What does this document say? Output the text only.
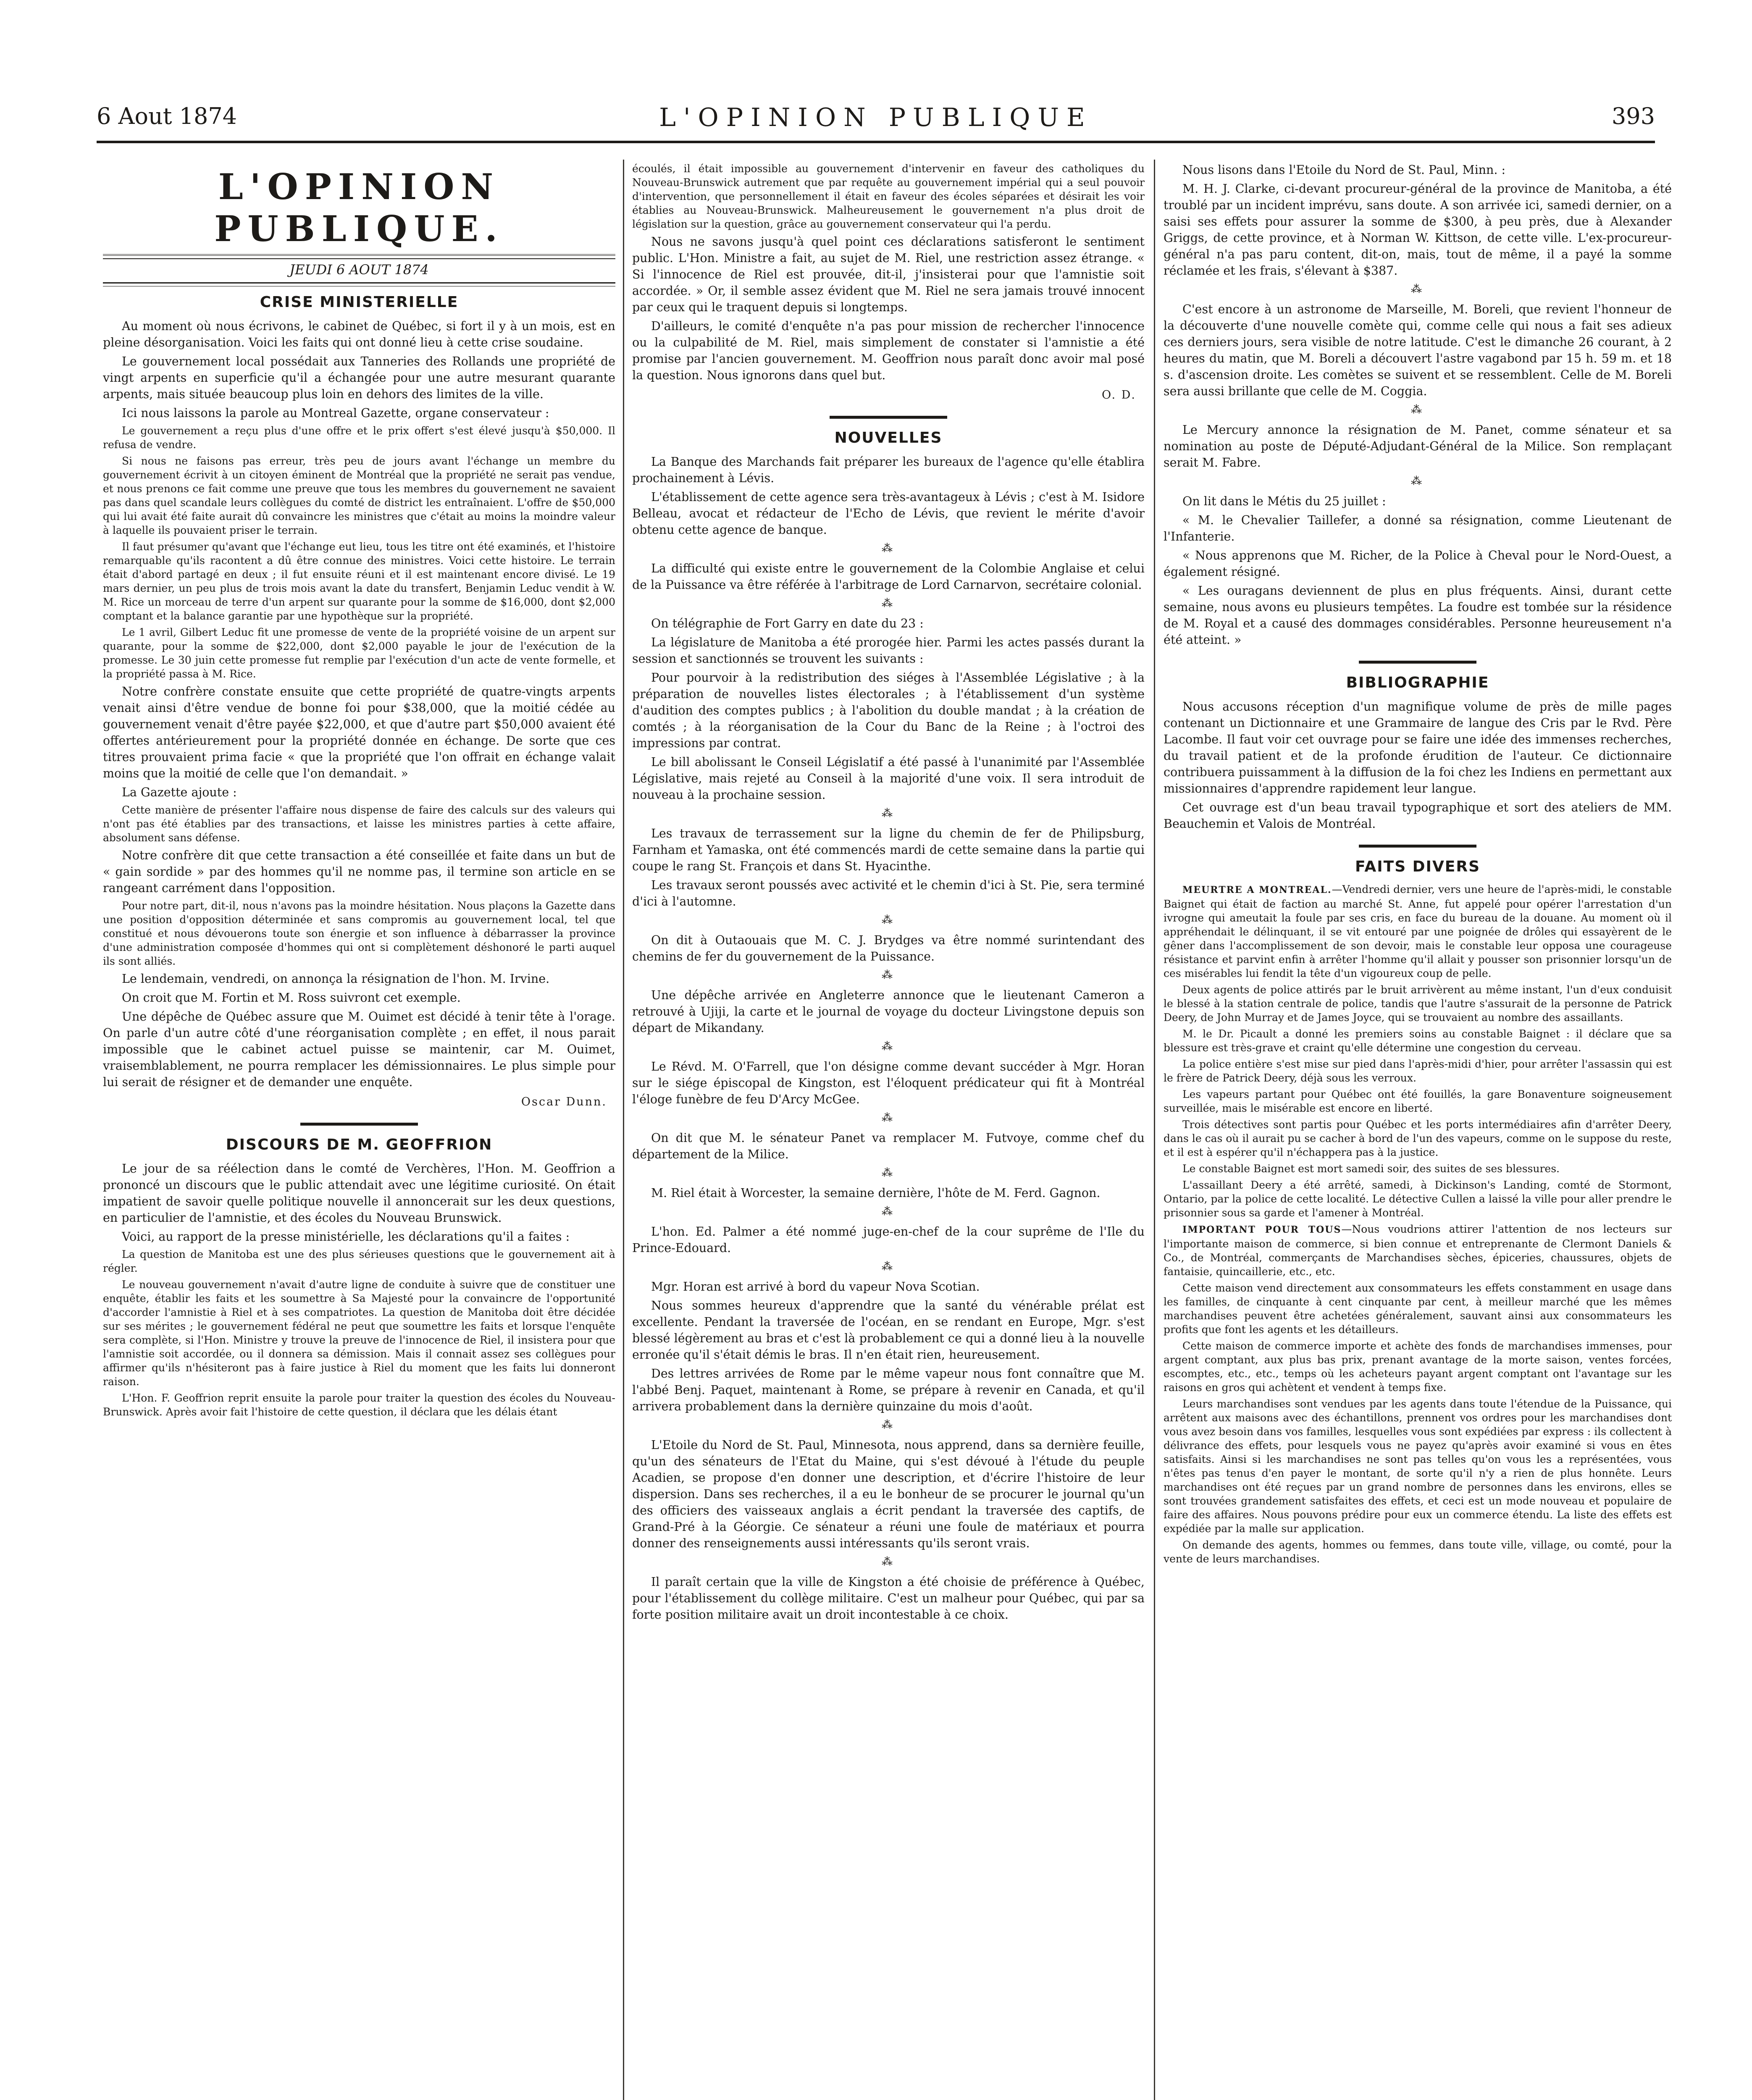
6 Aout 1874	L'OPINION PUBLIQUE	393
L'OPINION PUBLIQUE.
JEUDI 6 AOUT 1874
CRISE MINISTERIELLE

Au moment où nous écrivons, le cabinet de Québec, si fort il y à un mois, est en pleine désorganisation. Voici les faits qui ont donné lieu à cette crise soudaine.

Le gouvernement local possédait aux Tanneries des Rollands une propriété de vingt arpents en superficie qu'il a échangée pour une autre mesurant quarante arpents, mais située beaucoup plus loin en dehors des limites de la ville.

Ici nous laissons la parole au Montreal Gazette, organe conservateur :

Le gouvernement a reçu plus d'une offre et le prix offert s'est élevé jusqu'à $50,000. Il refusa de vendre.

Si nous ne faisons pas erreur, très peu de jours avant l'échange un membre du gouvernement écrivit à un citoyen éminent de Montréal que la propriété ne serait pas vendue, et nous prenons ce fait comme une preuve que tous les membres du gouvernement ne savaient pas dans quel scandale leurs collègues du comté de district les entraînaient. L'offre de $50,000 qui lui avait été faite aurait dû convaincre les ministres que c'était au moins la moindre valeur à laquelle ils pouvaient priser le terrain.

Il faut présumer qu'avant que l'échange eut lieu, tous les titre ont été examinés, et l'histoire remarquable qu'ils racontent a dû être connue des ministres. Voici cette histoire. Le terrain était d'abord partagé en deux ; il fut ensuite réuni et il est maintenant encore divisé. Le 19 mars dernier, un peu plus de trois mois avant la date du transfert, Benjamin Leduc vendit à W. M. Rice un morceau de terre d'un arpent sur quarante pour la somme de $16,000, dont $2,000 comptant et la balance garantie par une hypothèque sur la propriété.

Le 1 avril, Gilbert Leduc fit une promesse de vente de la propriété voisine de un arpent sur quarante, pour la somme de $22,000, dont $2,000 payable le jour de l'exécution de la promesse. Le 30 juin cette promesse fut remplie par l'exécution d'un acte de vente formelle, et la propriété passa à M. Rice.

Notre confrère constate ensuite que cette propriété de quatre-vingts arpents venait ainsi d'être vendue de bonne foi pour $38,000, que la moitié cédée au gouvernement venait d'être payée $22,000, et que d'autre part $50,000 avaient été offertes antérieurement pour la propriété donnée en échange. De sorte que ces titres prouvaient prima facie « que la propriété que l'on offrait en échange valait moins que la moitié de celle que l'on demandait. »

La Gazette ajoute :

Cette manière de présenter l'affaire nous dispense de faire des calculs sur des valeurs qui n'ont pas été établies par des transactions, et laisse les ministres parties à cette affaire, absolument sans défense.

Notre confrère dit que cette transaction a été conseillée et faite dans un but de « gain sordide » par des hommes qu'il ne nomme pas, il termine son article en se rangeant carrément dans l'opposition.

Pour notre part, dit-il, nous n'avons pas la moindre hésitation. Nous plaçons la Gazette dans une position d'opposition déterminée et sans compromis au gouvernement local, tel que constitué et nous dévouerons toute son énergie et son influence à débarrasser la province d'une administration composée d'hommes qui ont si complètement déshonoré le parti auquel ils sont alliés.

Le lendemain, vendredi, on annonça la résignation de l'hon. M. Irvine.

On croit que M. Fortin et M. Ross suivront cet exemple.

Une dépêche de Québec assure que M. Ouimet est décidé à tenir tête à l'orage. On parle d'un autre côté d'une réorganisation complète ; en effet, il nous parait impossible que le cabinet actuel puisse se maintenir, car M. Ouimet, vraisemblablement, ne pourra remplacer les démissionnaires. Le plus simple pour lui serait de résigner et de demander une enquête.

Oscar Dunn.
DISCOURS DE M. GEOFFRION

Le jour de sa réélection dans le comté de Verchères, l'Hon. M. Geoffrion a prononcé un discours que le public attendait avec une légitime curiosité. On était impatient de savoir quelle politique nouvelle il annoncerait sur les deux questions, en particulier de l'amnistie, et des écoles du Nouveau Brunswick.

Voici, au rapport de la presse ministérielle, les déclarations qu'il a faites :

La question de Manitoba est une des plus sérieuses questions que le gouvernement ait à régler.

Le nouveau gouvernement n'avait d'autre ligne de conduite à suivre que de constituer une enquête, établir les faits et les soumettre à Sa Majesté pour la convaincre de l'opportunité d'accorder l'amnistie à Riel et à ses compatriotes. La question de Manitoba doit être décidée sur ses mérites ; le gouvernement fédéral ne peut que soumettre les faits et lorsque l'enquête sera complète, si l'Hon. Ministre y trouve la preuve de l'innocence de Riel, il insistera pour que l'amnistie soit accordée, ou il donnera sa démission. Mais il connait assez ses collègues pour affirmer qu'ils n'hésiteront pas à faire justice à Riel du moment que les faits lui donneront raison.

L'Hon. F. Geoffrion reprit ensuite la parole pour traiter la question des écoles du Nouveau-Brunswick. Après avoir fait l'histoire de cette question, il déclara que les délais étant

écoulés, il était impossible au gouvernement d'intervenir en faveur des catholiques du Nouveau-Brunswick autrement que par requête au gouvernement impérial qui a seul pouvoir d'intervention, que personnellement il était en faveur des écoles séparées et désirait les voir établies au Nouveau-Brunswick. Malheureusement le gouvernement n'a plus droit de législation sur la question, grâce au gouvernement conservateur qui l'a perdu.

Nous ne savons jusqu'à quel point ces déclarations satisferont le sentiment public. L'Hon. Ministre a fait, au sujet de M. Riel, une restriction assez étrange. « Si l'innocence de Riel est prouvée, dit-il, j'insisterai pour que l'amnistie soit accordée. » Or, il semble assez évident que M. Riel ne sera jamais trouvé innocent par ceux qui le traquent depuis si longtemps.

D'ailleurs, le comité d'enquête n'a pas pour mission de rechercher l'innocence ou la culpabilité de M. Riel, mais simplement de constater si l'amnistie a été promise par l'ancien gouvernement. M. Geoffrion nous paraît donc avoir mal posé la question. Nous ignorons dans quel but.

O. D.
NOUVELLES

La Banque des Marchands fait préparer les bureaux de l'agence qu'elle établira prochainement à Lévis.

L'établissement de cette agence sera très-avantageux à Lévis ; c'est à M. Isidore Belleau, avocat et rédacteur de l'Echo de Lévis, que revient le mérite d'avoir obtenu cette agence de banque.

⁂

La difficulté qui existe entre le gouvernement de la Colombie Anglaise et celui de la Puissance va être référée à l'arbitrage de Lord Carnarvon, secrétaire colonial.

⁂

On télégraphie de Fort Garry en date du 23 :

La législature de Manitoba a été prorogée hier. Parmi les actes passés durant la session et sanctionnés se trouvent les suivants :

Pour pourvoir à la redistribution des siéges à l'Assemblée Législative ; à la préparation de nouvelles listes électorales ; à l'établissement d'un système d'audition des comptes publics ; à l'abolition du double mandat ; à la création de comtés ; à la réorganisation de la Cour du Banc de la Reine ; à l'octroi des impressions par contrat.

Le bill abolissant le Conseil Législatif a été passé à l'unanimité par l'Assemblée Législative, mais rejeté au Conseil à la majorité d'une voix. Il sera introduit de nouveau à la prochaine session.

⁂

Les travaux de terrassement sur la ligne du chemin de fer de Philipsburg, Farnham et Yamaska, ont été commencés mardi de cette semaine dans la partie qui coupe le rang St. François et dans St. Hyacinthe.

Les travaux seront poussés avec activité et le chemin d'ici à St. Pie, sera terminé d'ici à l'automne.

⁂

On dit à Outaouais que M. C. J. Brydges va être nommé surintendant des chemins de fer du gouvernement de la Puissance.

⁂

Une dépêche arrivée en Angleterre annonce que le lieutenant Cameron a retrouvé à Ujiji, la carte et le journal de voyage du docteur Livingstone depuis son départ de Mikandany.

⁂

Le Révd. M. O'Farrell, que l'on désigne comme devant succéder à Mgr. Horan sur le siége épiscopal de Kingston, est l'éloquent prédicateur qui fit à Montréal l'éloge funèbre de feu D'Arcy McGee.

⁂

On dit que M. le sénateur Panet va remplacer M. Futvoye, comme chef du département de la Milice.

⁂

M. Riel était à Worcester, la semaine dernière, l'hôte de M. Ferd. Gagnon.

⁂

L'hon. Ed. Palmer a été nommé juge-en-chef de la cour suprême de l'Ile du Prince-Edouard.

⁂

Mgr. Horan est arrivé à bord du vapeur Nova Scotian.

Nous sommes heureux d'apprendre que la santé du vénérable prélat est excellente. Pendant la traversée de l'océan, en se rendant en Europe, Mgr. s'est blessé légèrement au bras et c'est là probablement ce qui a donné lieu à la nouvelle erronée qu'il s'était démis le bras. Il n'en était rien, heureusement.

Des lettres arrivées de Rome par le même vapeur nous font connaître que M. l'abbé Benj. Paquet, maintenant à Rome, se prépare à revenir en Canada, et qu'il arrivera probablement dans la dernière quinzaine du mois d'août.

⁂

L'Etoile du Nord de St. Paul, Minnesota, nous apprend, dans sa dernière feuille, qu'un des sénateurs de l'Etat du Maine, qui s'est dévoué à l'étude du peuple Acadien, se propose d'en donner une description, et d'écrire l'histoire de leur dispersion. Dans ses recherches, il a eu le bonheur de se procurer le journal qu'un des officiers des vaisseaux anglais a écrit pendant la traversée des captifs, de Grand-Pré à la Géorgie. Ce sénateur a réuni une foule de matériaux et pourra donner des renseignements aussi intéressants qu'ils seront vrais.

⁂

Il paraît certain que la ville de Kingston a été choisie de préférence à Québec, pour l'établissement du collège militaire. C'est un malheur pour Québec, qui par sa forte position militaire avait un droit incontestable à ce choix.

Nous lisons dans l'Etoile du Nord de St. Paul, Minn. :

M. H. J. Clarke, ci-devant procureur-général de la province de Manitoba, a été troublé par un incident imprévu, sans doute. A son arrivée ici, samedi dernier, on a saisi ses effets pour assurer la somme de $300, à peu près, due à Alexander Griggs, de cette province, et à Norman W. Kittson, de cette ville. L'ex-procureur-général n'a pas paru content, dit-on, mais, tout de même, il a payé la somme réclamée et les frais, s'élevant à $387.

⁂

C'est encore à un astronome de Marseille, M. Boreli, que revient l'honneur de la découverte d'une nouvelle comète qui, comme celle qui nous a fait ses adieux ces derniers jours, sera visible de notre latitude. C'est le dimanche 26 courant, à 2 heures du matin, que M. Boreli a découvert l'astre vagabond par 15 h. 59 m. et 18 s. d'ascension droite. Les comètes se suivent et se ressemblent. Celle de M. Boreli sera aussi brillante que celle de M. Coggia.

⁂

Le Mercury annonce la résignation de M. Panet, comme sénateur et sa nomination au poste de Député-Adjudant-Général de la Milice. Son remplaçant serait M. Fabre.

⁂

On lit dans le Métis du 25 juillet :

« M. le Chevalier Taillefer, a donné sa résignation, comme Lieutenant de l'Infanterie.

« Nous apprenons que M. Richer, de la Police à Cheval pour le Nord-Ouest, a également résigné.

« Les ouragans deviennent de plus en plus fréquents. Ainsi, durant cette semaine, nous avons eu plusieurs tempêtes. La foudre est tombée sur la résidence de M. Royal et a causé des dommages considérables. Personne heureusement n'a été atteint. »

BIBLIOGRAPHIE

Nous accusons réception d'un magnifique volume de près de mille pages contenant un Dictionnaire et une Grammaire de langue des Cris par le Rvd. Père Lacombe. Il faut voir cet ouvrage pour se faire une idée des immenses recherches, du travail patient et de la profonde érudition de l'auteur. Ce dictionnaire contribuera puissamment à la diffusion de la foi chez les Indiens en permettant aux missionnaires d'apprendre rapidement leur langue.

Cet ouvrage est d'un beau travail typographique et sort des ateliers de MM. Beauchemin et Valois de Montréal.

FAITS DIVERS

MEURTRE A MONTREAL.—Vendredi dernier, vers une heure de l'après-midi, le constable Baignet qui était de faction au marché St. Anne, fut appelé pour opérer l'arrestation d'un ivrogne qui ameutait la foule par ses cris, en face du bureau de la douane. Au moment où il appréhendait le délinquant, il se vit entouré par une poignée de drôles qui essayèrent de le gêner dans l'accomplissement de son devoir, mais le constable leur opposa une courageuse résistance et parvint enfin à arrêter l'homme qu'il allait y pousser son prisonnier lorsqu'un de ces misérables lui fendit la tête d'un vigoureux coup de pelle.

Deux agents de police attirés par le bruit arrivèrent au même instant, l'un d'eux conduisit le blessé à la station centrale de police, tandis que l'autre s'assurait de la personne de Patrick Deery, de John Murray et de James Joyce, qui se trouvaient au nombre des assaillants.

M. le Dr. Picault a donné les premiers soins au constable Baignet : il déclare que sa blessure est très-grave et craint qu'elle détermine une congestion du cerveau.

La police entière s'est mise sur pied dans l'après-midi d'hier, pour arrêter l'assassin qui est le frère de Patrick Deery, déjà sous les verroux.

Les vapeurs partant pour Québec ont été fouillés, la gare Bonaventure soigneusement surveillée, mais le misérable est encore en liberté.

Trois détectives sont partis pour Québec et les ports intermédiaires afin d'arrêter Deery, dans le cas où il aurait pu se cacher à bord de l'un des vapeurs, comme on le suppose du reste, et il est à espérer qu'il n'échappera pas à la justice.

Le constable Baignet est mort samedi soir, des suites de ses blessures.

L'assaillant Deery a été arrêté, samedi, à Dickinson's Landing, comté de Stormont, Ontario, par la police de cette localité. Le détective Cullen a laissé la ville pour aller prendre le prisonnier sous sa garde et l'amener à Montréal.

IMPORTANT POUR TOUS—Nous voudrions attirer l'attention de nos lecteurs sur l'importante maison de commerce, si bien connue et entreprenante de Clermont Daniels & Co., de Montréal, commerçants de Marchandises sèches, épiceries, chaussures, objets de fantaisie, quincaillerie, etc., etc.

Cette maison vend directement aux consommateurs les effets constamment en usage dans les familles, de cinquante à cent cinquante par cent, à meilleur marché que les mêmes marchandises peuvent être achetées généralement, sauvant ainsi aux consommateurs les profits que font les agents et les détailleurs.

Cette maison de commerce importe et achète des fonds de marchandises immenses, pour argent comptant, aux plus bas prix, prenant avantage de la morte saison, ventes forcées, escomptes, etc., etc., temps où les acheteurs payant argent comptant ont l'avantage sur les raisons en gros qui achètent et vendent à temps fixe.

Leurs marchandises sont vendues par les agents dans toute l'étendue de la Puissance, qui arrêtent aux maisons avec des échantillons, prennent vos ordres pour les marchandises dont vous avez besoin dans vos familles, lesquelles vous sont expédiées par express : ils collectent à délivrance des effets, pour lesquels vous ne payez qu'après avoir examiné si vous en êtes satisfaits. Ainsi si les marchandises ne sont pas telles qu'on vous les a représentées, vous n'êtes pas tenus d'en payer le montant, de sorte qu'il n'y a rien de plus honnête. Leurs marchandises ont été reçues par un grand nombre de personnes dans les environs, elles se sont trouvées grandement satisfaites des effets, et ceci est un mode nouveau et populaire de faire des affaires. Nous pouvons prédire pour eux un commerce étendu. La liste des effets est expédiée par la malle sur application.

On demande des agents, hommes ou femmes, dans toute ville, village, ou comté, pour la vente de leurs marchandises.
